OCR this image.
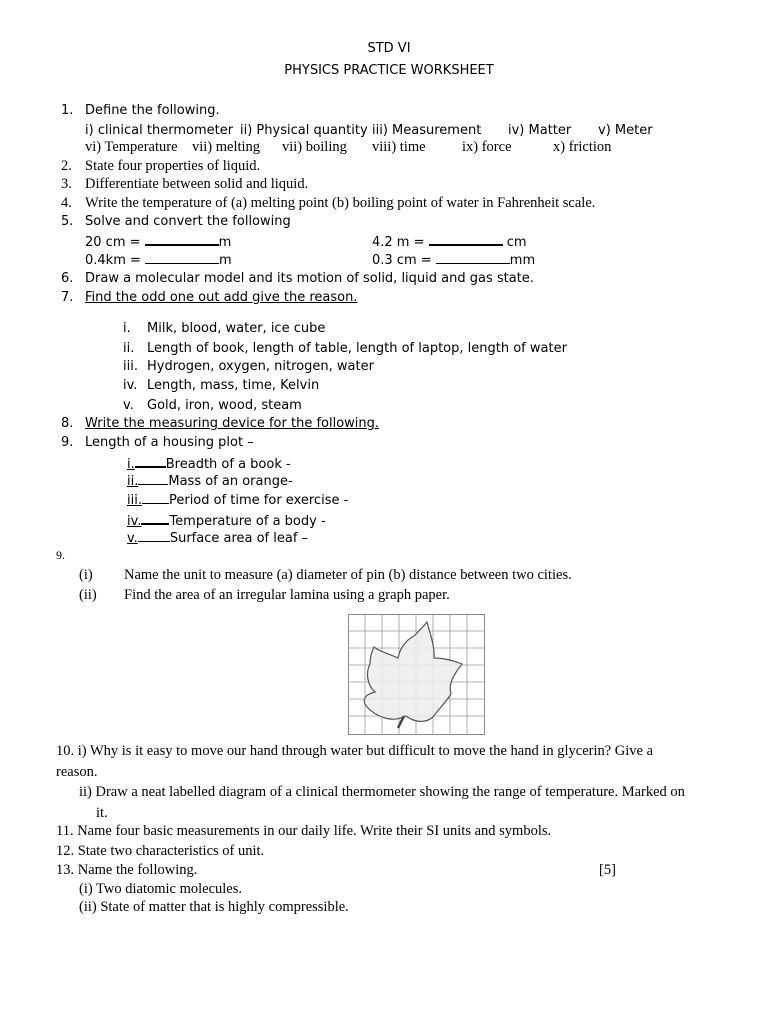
STD VI
PHYSICS PRACTICE WORKSHEET
1. Define the following.
i) clinical thermometer ii) Physical quantity iii) Measurement iv) Matter v) Meter
vi) Temperature vii) melting vii) boiling viii) time	ix) force	x) friction
2. State four properties of liquid.
3. Differentiate between solid and liquid.
4. Write the temperature of (a) melting point (b) boiling point of water in Fahrenheit scale.
5. Solve and convert the following
20 cm =	m	4.2 m =	cm
0.4km =	m	0.3 cm =	mm
6. Draw a molecular model and its motion of solid, liquid and gas state.
7. Find the odd one out add give the reason.
i. Milk, blood, water, ice cube
ii. Length of book, length of table, length of laptop, length of water
iii. Hydrogen, oxygen, nitrogen, water
iv. Length, mass, time, Kelvin
v. Gold, iron, wood, steam
8. Write the measuring device for the following.
9. Length of a housing plot –
i. Breadth of a book -
ii. Mass of an orange-
iii. Period of time for exercise -
iv. Temperature of a body -
v. Surface area of leaf –
9.
(i) Name the unit to measure (a) diameter of pin (b) distance between two cities.
(ii) Find the area of an irregular lamina using a graph paper.
10. i) Why is it easy to move our hand through water but difficult to move the hand in glycerin? Give a
reason.
ii) Draw a neat labelled diagram of a clinical thermometer showing the range of temperature. Marked on
it.
11. Name four basic measurements in our daily life. Write their SI units and symbols.
12. State two characteristics of unit.
13. Name the following.	[5]
(i) Two diatomic molecules.
(ii) State of matter that is highly compressible.
